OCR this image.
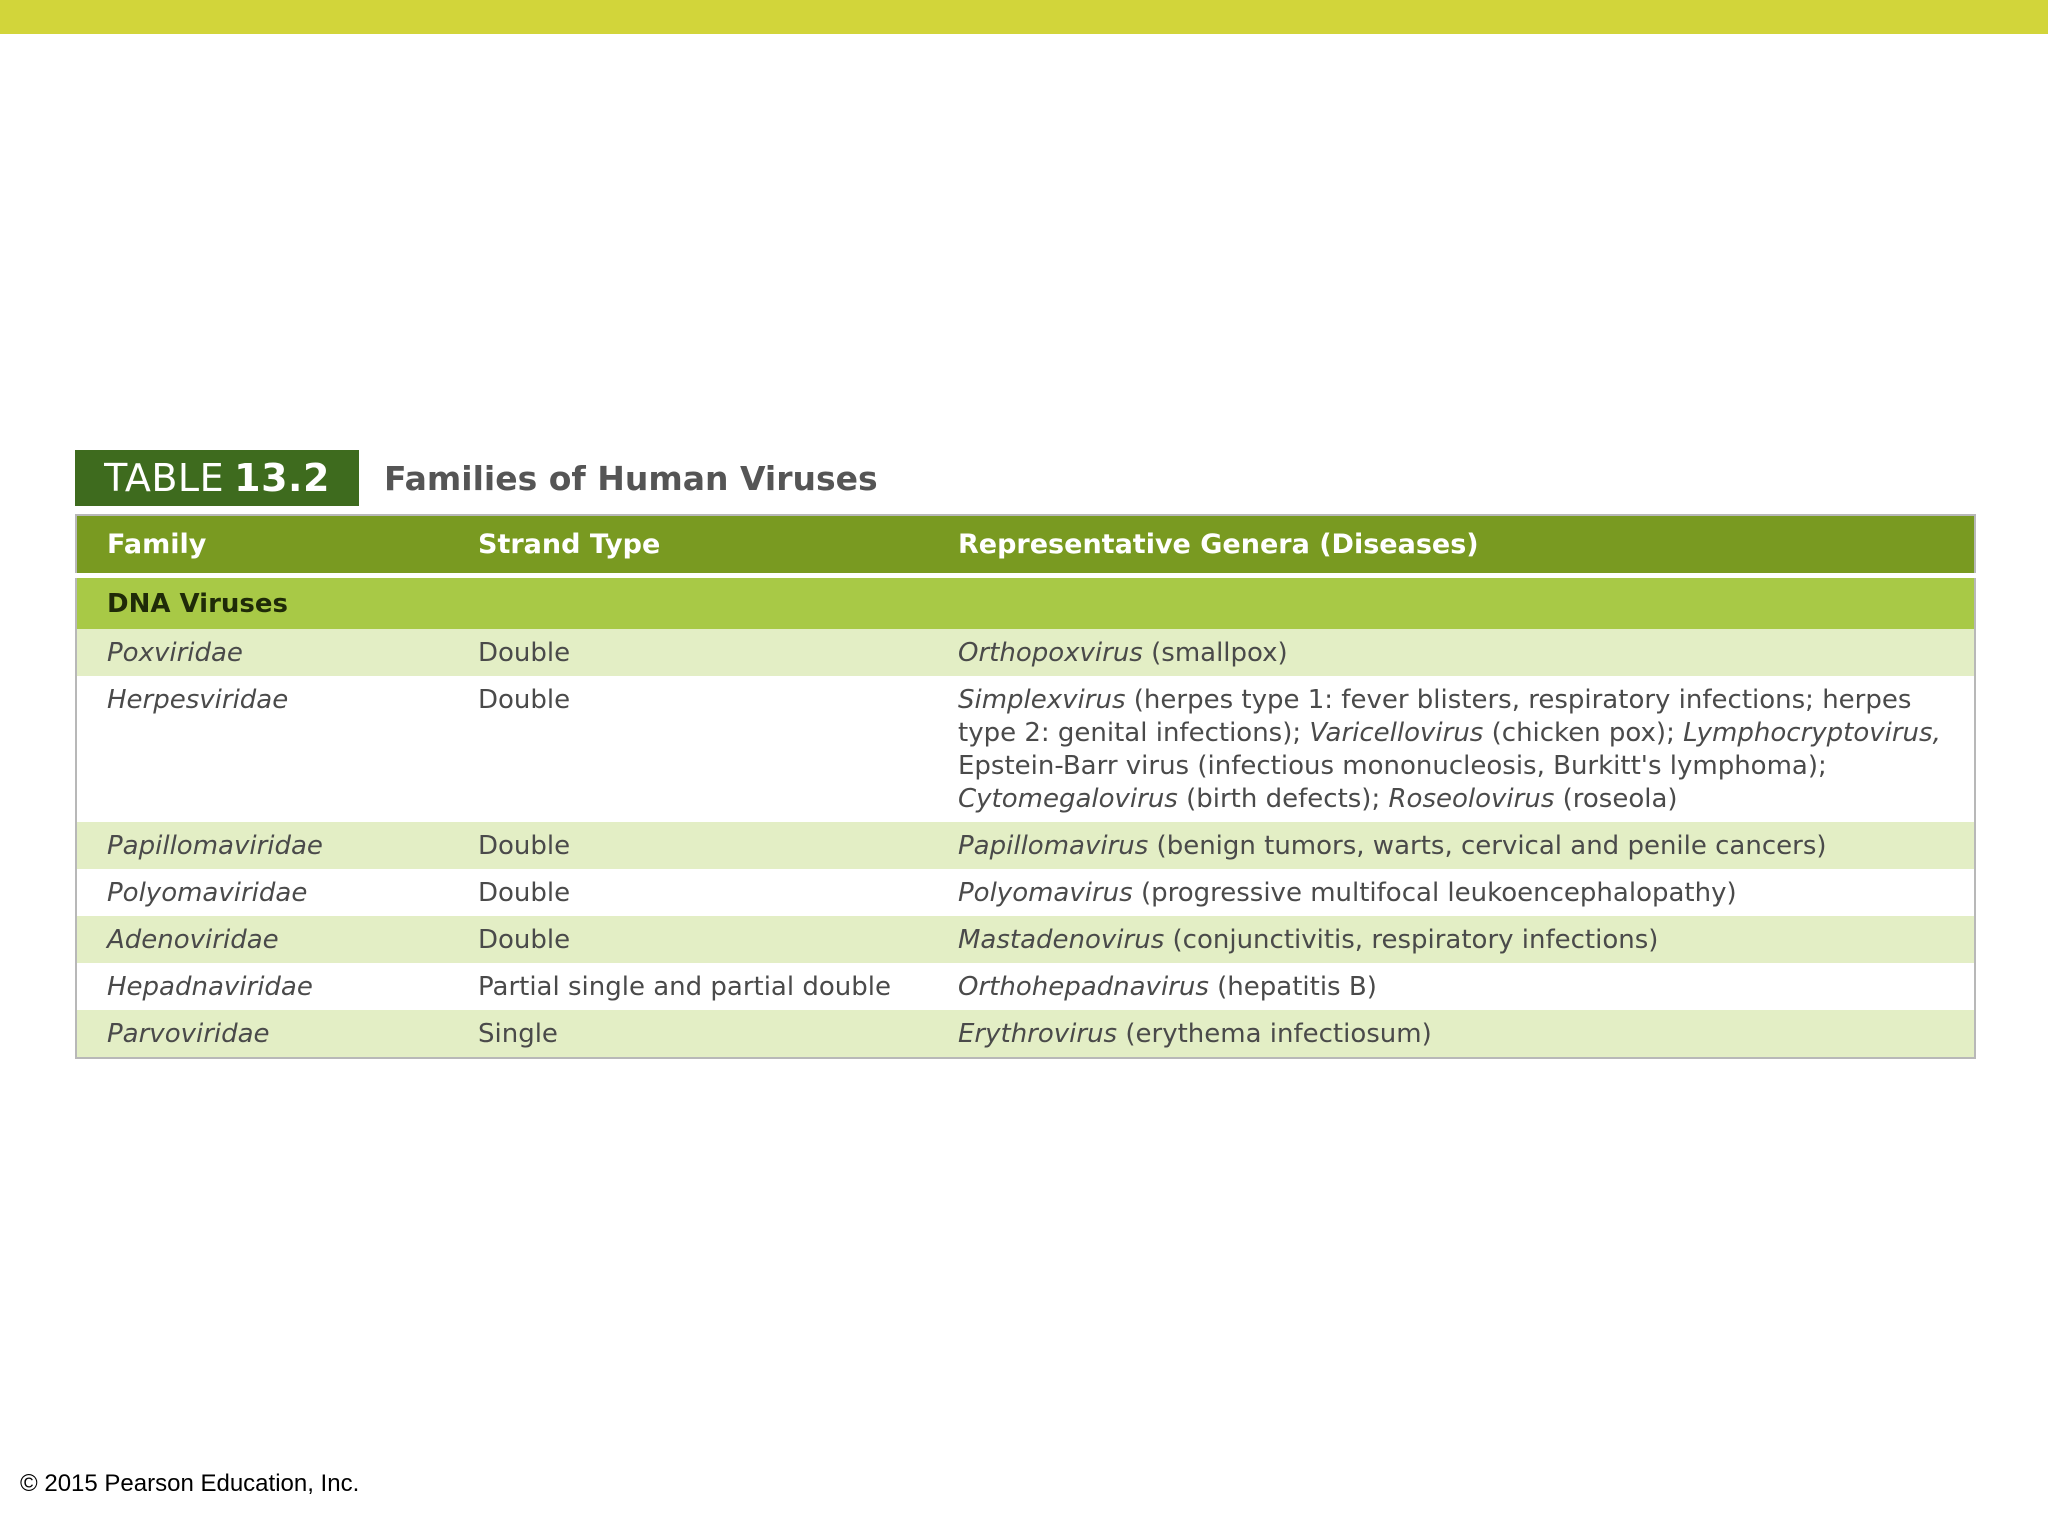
TABLE 13.2 Families of Human Viruses
Family	Strand Type	Representative Genera (Diseases)
DNA Viruses		
Poxviridae	Double	Orthopoxvirus (smallpox)
Herpesviridae	Double	Simplexvirus (herpes type 1: fever blisters, respiratory infections; herpes type 2: genital infections); Varicellovirus (chicken pox); Lymphocryptovirus, Epstein-Barr virus (infectious mononucleosis, Burkitt's lymphoma); Cytomegalovirus (birth defects); Roseolovirus (roseola)
Papillomaviridae	Double	Papillomavirus (benign tumors, warts, cervical and penile cancers)
Polyomaviridae	Double	Polyomavirus (progressive multifocal leukoencephalopathy)
Adenoviridae	Double	Mastadenovirus (conjunctivitis, respiratory infections)
Hepadnaviridae	Partial single and partial double	Orthohepadnavirus (hepatitis B)
Parvoviridae	Single	Erythrovirus (erythema infectiosum)
© 2015 Pearson Education, Inc.
